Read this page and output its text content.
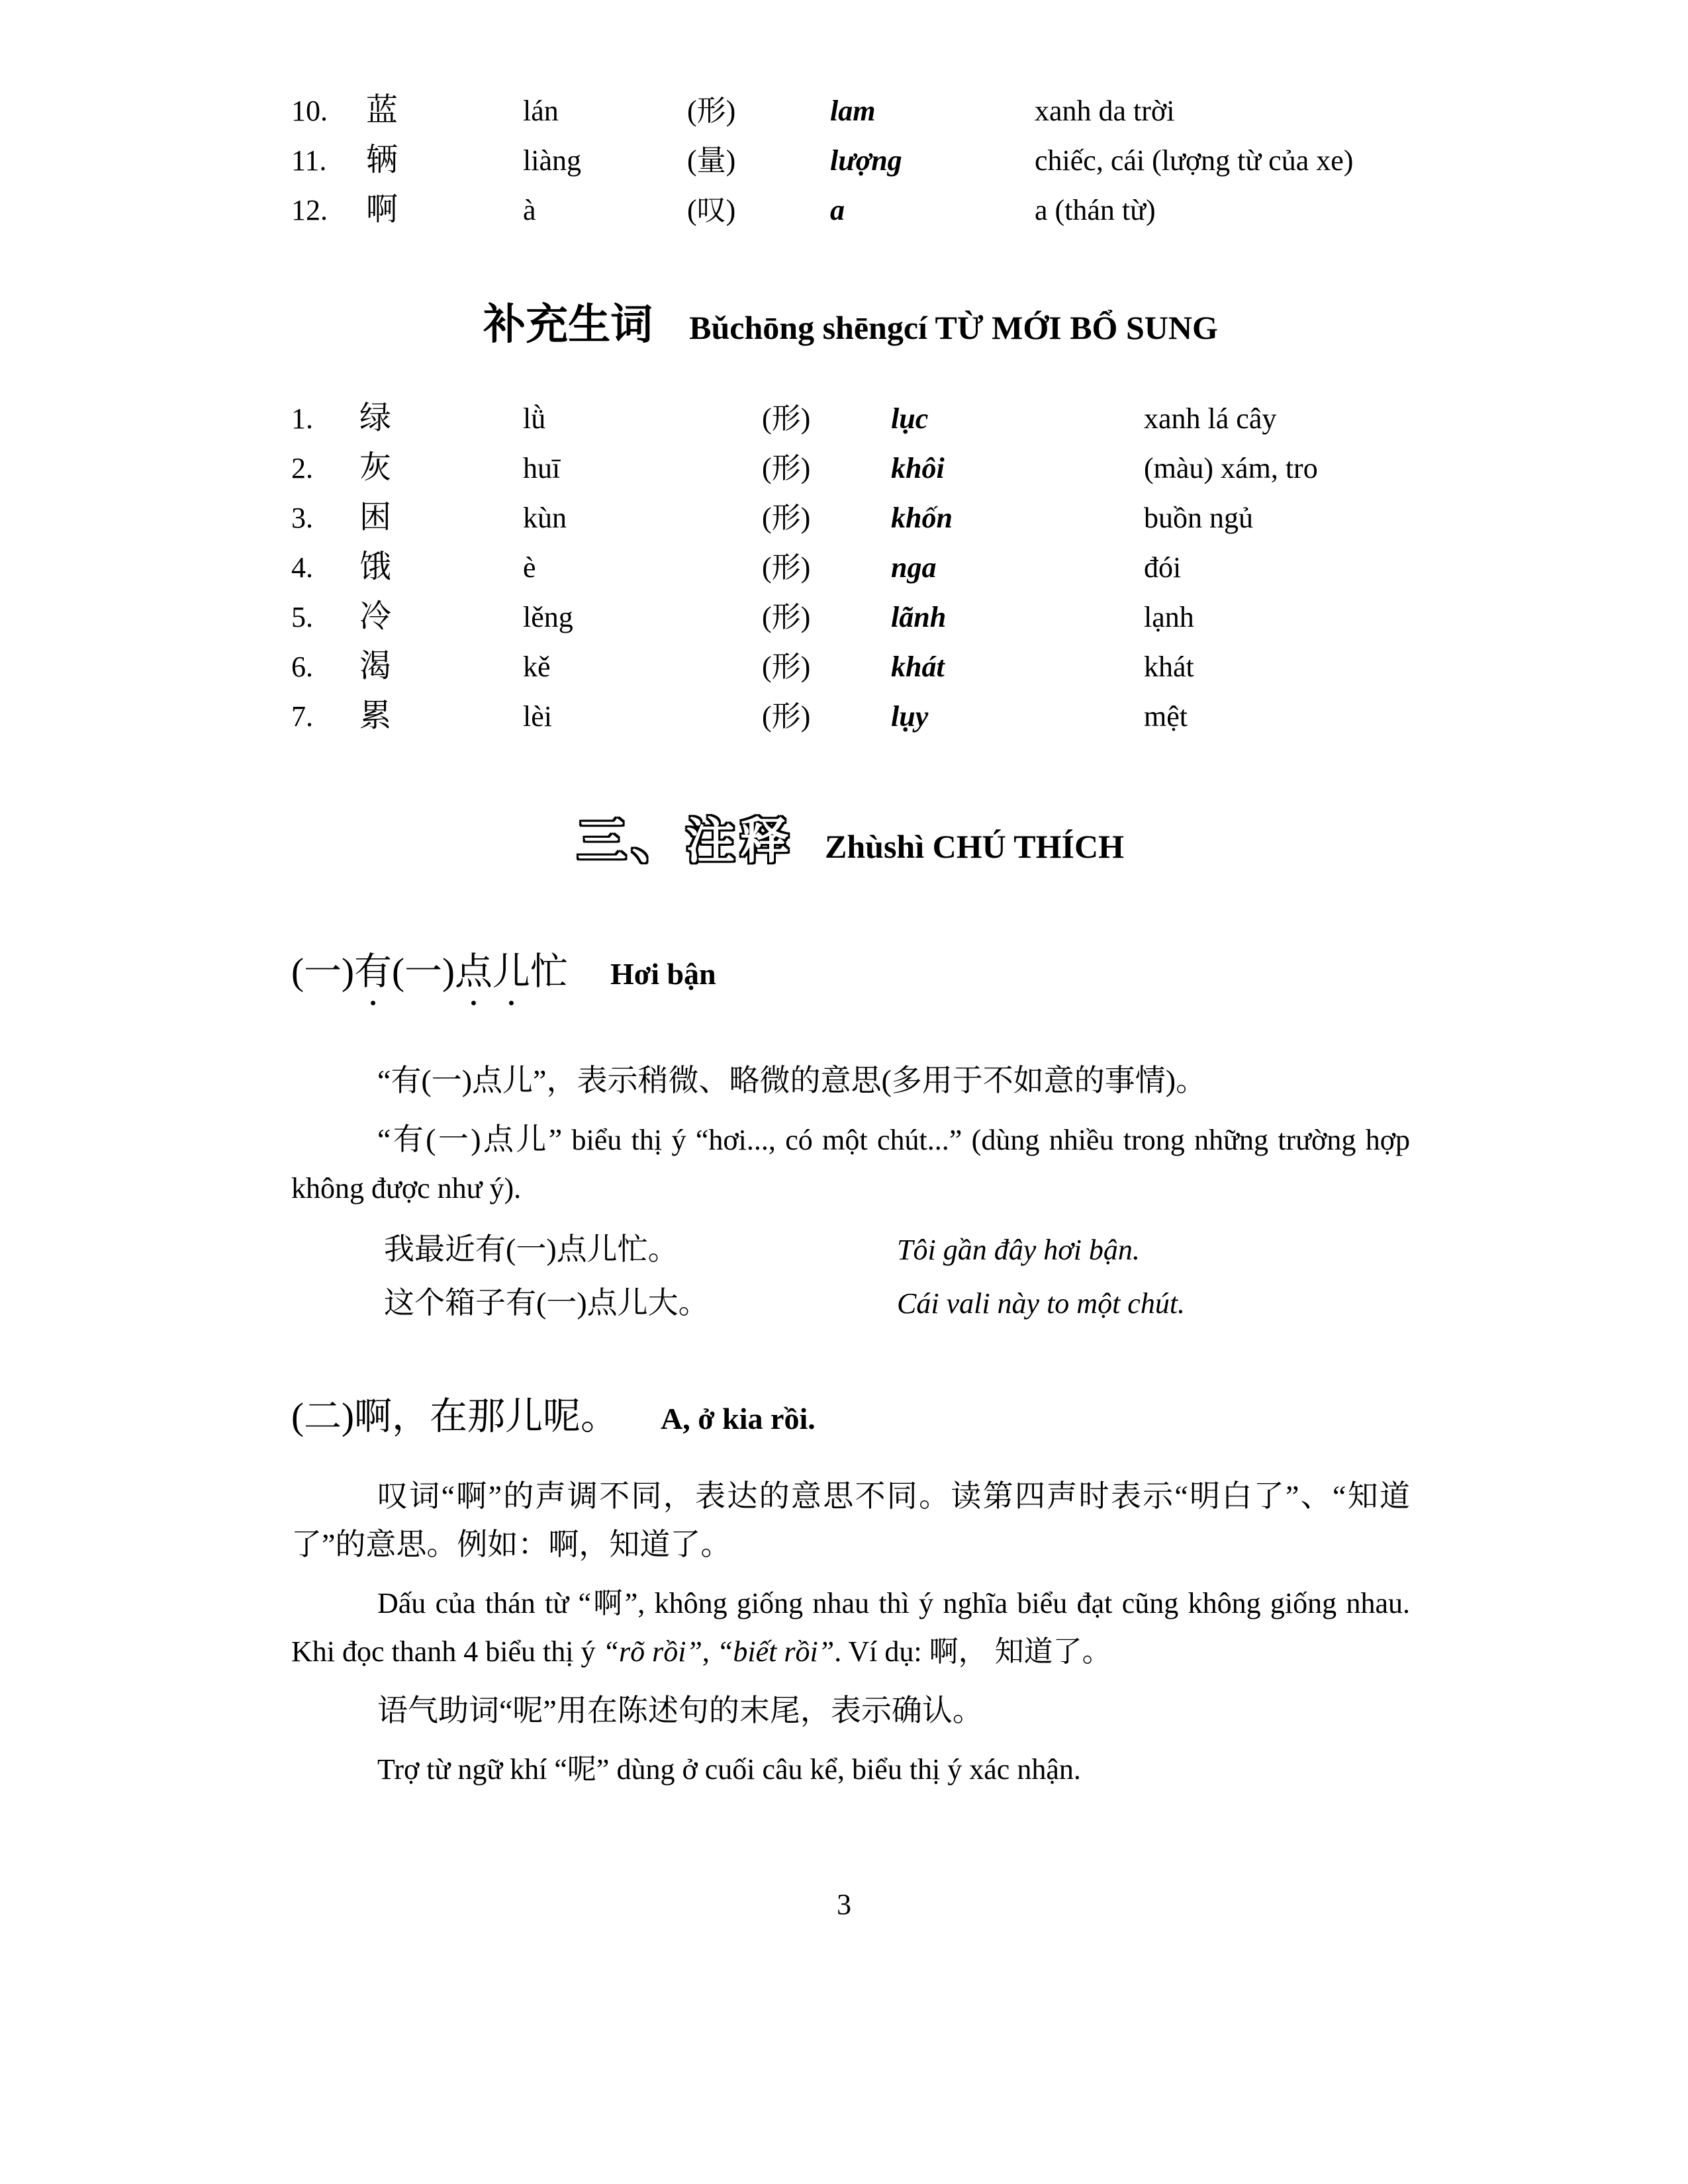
10.	蓝	lán	(形)	lam	xanh da trời
11.	辆	liàng	(量)	lượng	chiếc, cái (lượng từ của xe)
12.	啊	à	(叹)	a	a (thán từ)
补充生词 Bǔchōng shēngcí TỪ MỚI BỔ SUNG
1.	绿	lǜ	(形)	lục	xanh lá cây
2.	灰	huī	(形)	khôi	(màu) xám, tro
3.	困	kùn	(形)	khốn	buồn ngủ
4.	饿	è	(形)	nga	đói
5.	冷	lěng	(形)	lãnh	lạnh
6.	渴	kě	(形)	khát	khát
7.	累	lèi	(形)	lụy	mệt
三、注释 Zhùshì CHÚ THÍCH
(一)有(一)点儿忙 Hơi bận

“有(一)点儿”，表示稍微、略微的意思(多用于不如意的事情)。

“有(一)点儿” biểu thị ý “hơi..., có một chút...” (dùng nhiều trong những trường hợp không được như ý).

我最近有(一)点儿忙。	Tôi gần đây hơi bận.
这个箱子有(一)点儿大。	Cái vali này to một chút.
(二)啊，在那儿呢。 A, ở kia rồi.

叹词“啊”的声调不同，表达的意思不同。读第四声时表示“明白了”、“知道了”的意思。例如：啊，知道了。

Dấu của thán từ “啊”, không giống nhau thì ý nghĩa biểu đạt cũng không giống nhau. Khi đọc thanh 4 biểu thị ý “rõ rồi”, “biết rồi”. Ví dụ: 啊， 知道了。

语气助词“呢”用在陈述句的末尾，表示确认。

Trợ từ ngữ khí “呢” dùng ở cuối câu kể, biểu thị ý xác nhận.

3
